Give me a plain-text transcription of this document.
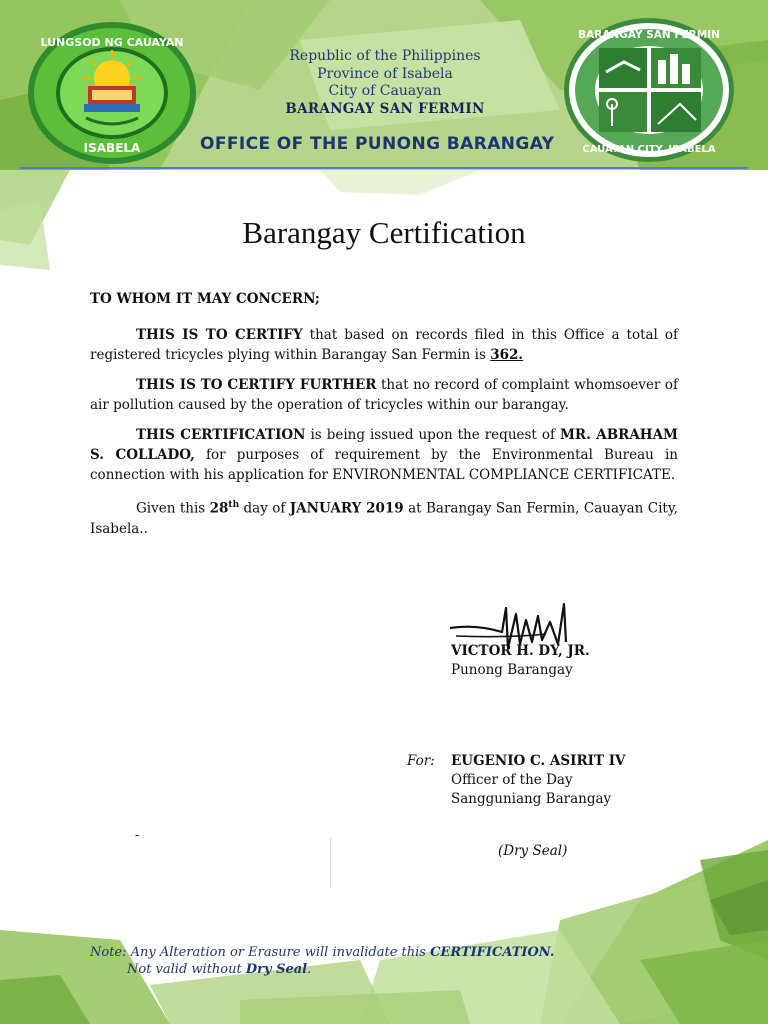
LUNGSOD NG CAUAYAN
ISABELA
BARANGAY SAN FERMIN
CAUAYAN CITY, ISABELA
Republic of the Philippines
Province of Isabela
City of Cauayan
BARANGAY SAN FERMIN
OFFICE OF THE PUNONG BARANGAY
Barangay Certification

TO WHOM IT MAY CONCERN;

THIS IS TO CERTIFY that based on records filed in this Office a total of registered tricycles plying within Barangay San Fermin is 362.

THIS IS TO CERTIFY FURTHER that no record of complaint whomsoever of air pollution caused by the operation of tricycles within our barangay.

THIS CERTIFICATION is being issued upon the request of MR. ABRAHAM S. COLLADO, for purposes of requirement by the Environmental Bureau in connection with his application for ENVIRONMENTAL COMPLIANCE CERTIFICATE.

Given this 28th day of JANUARY 2019 at Barangay San Fermin, Cauayan City, Isabela..

VICTOR H. DY, JR.
Punong Barangay
For: EUGENIO C. ASIRIT IV
Officer of the Day
Sangguniang Barangay
-
(Dry Seal)
Note: Any Alteration or Erasure will invalidate this CERTIFICATION.
Not valid without Dry Seal.
